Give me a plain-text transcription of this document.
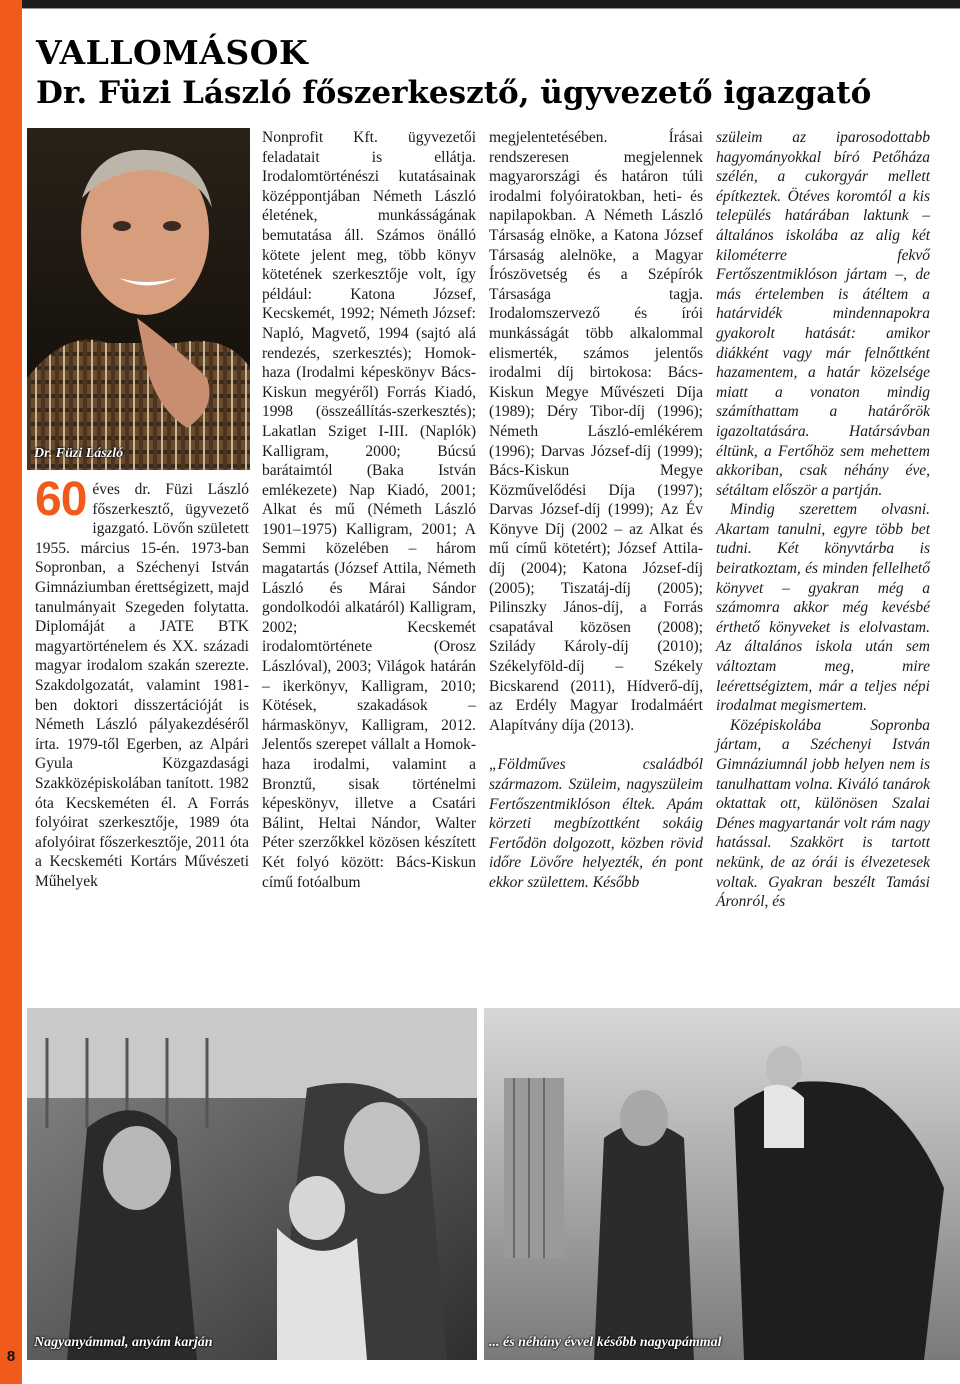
8
VALLOMÁSOK
Dr. Füzi László főszerkesztő, ügyvezető igazgató
Dr. Füzi László
60 éves dr. Füzi László főszerkesztő, ügyvezető igazgató. Lövőn született 1955. március 15-én. 1973-ban Sopronban, a Széchenyi István Gimnáziumban érettségizett, majd tanulmányait Szegeden folytatta. Diplomáját a JATE BTK magyartörténelem és XX. századi magyar irodalom szakán szerezte. Szakdolgozatát, valamint 1981-ben doktori disszertációját is Németh László pályakezdéséről írta. 1979-től Egerben, az Alpári Gyula Közgazdasági Szakközépiskolában tanított. 1982 óta Kecskeméten él. A Forrás folyóirat szerkesztője, 1989 óta afolyóirat főszerkesztője, 2011 óta a Kecskeméti Kortárs Művészeti Műhelyek

Nonprofit Kft. ügyvezetői feladatait is ellátja. Irodalomtörténészi kutatásainak középpontjában Németh László életének, munkásságának bemutatása áll. Számos önálló kötete jelent meg, több könyv kötetének szerkesztője volt, így például: Katona József, Kecskemét, 1992; Németh József: Napló, Magvető, 1994 (sajtó alá rendezés, szerkesztés); Homok-haza (Irodalmi képeskönyv Bács-Kiskun megyéről) Forrás Kiadó, 1998 (összeállítás-szerkesztés); Lakatlan Sziget I-III. (Naplók) Kalligram, 2000; Búcsú barátaimtól (Baka István emlékezete) Nap Kiadó, 2001; Alkat és mű (Németh László 1901–1975) Kalligram, 2001; A Semmi közelében – három magatartás (József Attila, Németh László és Márai Sándor gondolkodói alkatáról) Kalligram, 2002; Kecskemét irodalomtörténete (Orosz Lászlóval), 2003; Világok határán – ikerkönyv, Kalligram, 2010; Kötések, szakadások – hármaskönyv, Kalligram, 2012. Jelentős szerepet vállalt a Homok-haza irodalmi, valamint a Bronztű, sisak történelmi képeskönyv, illetve a Csatári Bálint, Heltai Nándor, Walter Péter szerzőkkel közösen készített Két folyó között: Bács-Kiskun című fotóalbum

megjelentetésében. Írásai rendszeresen megjelennek magyarországi és határon túli irodalmi folyóiratokban, heti- és napilapokban. A Németh László Társaság elnöke, a Katona József Társaság alelnöke, a Magyar Írószövetség és a Szépírók Társasága tagja. Irodalomszervező és írói munkásságát több alkalommal elismerték, számos jelentős irodalmi díj birtokosa: Bács-Kiskun Megye Művészeti Díja (1989); Déry Tibor-díj (1996); Németh László-emlékérem (1996); Darvas József-díj (1999); Bács-Kiskun Megye Közművelődési Díja (1997); Darvas József-díj (1999); Az Év Könyve Díj (2002 – az Alkat és mű című kötetért); József Attila-díj (2004); Katona József-díj (2005); Tiszatáj-díj (2005); Pilinszky János-díj, a Forrás csapatával közösen (2008); Szilády Károly-díj (2010); Székelyföld-díj – Székely Bicskarend (2011), Hídverő-díj, az Erdély Magyar Irodalmáért Alapítvány díja (2013).

„Földműves családból származom. Szüleim, nagyszüleim Fertőszentmiklóson éltek. Apám körzeti megbízottként sokáig Fertődön dolgozott, közben rövid időre Lövőre helyezték, én pont ekkor születtem. Később

szüleim az iparosodottabb hagyományokkal bíró Petőháza szélén, a cukorgyár mellett építkeztek. Ötéves koromtól a kis település határában laktunk – általános iskolába az alig két kilométerre fekvő Fertőszentmiklóson jártam –, de más értelemben is átéltem a határvidék mindennapokra gyakorolt hatását: amikor diákként vagy már felnőttként hazamentem, a határ közelsége miatt a vonaton mindig számíthattam a határőrök igazoltatására. Határsávban éltünk, a Fertőhöz sem mehettem akkoriban, csak néhány éve, sétáltam először a partján.

Mindig szerettem olvasni. Akartam tanulni, egyre több bet tudni. Két könyvtárba is beiratkoztam, és minden fellelhető könyvet – gyakran még a számomra akkor még kevésbé érthető könyveket is elolvastam. Az általános iskola után sem változtam meg, mire leérettségiztem, már a teljes népi irodalmat megismertem.

Középiskolába Sopronba jártam, a Széchenyi István Gimnáziumnál jobb helyen nem is tanulhattam volna. Kiváló tanárok oktattak ott, különösen Szalai Dénes magyartanár volt rám nagy hatással. Szakkört is tartott nekünk, de az órái is élvezetesek voltak. Gyakran beszélt Tamási Áronról, és

Nagyanyámmal, anyám karján	... és néhány évvel később nagyapámmal
